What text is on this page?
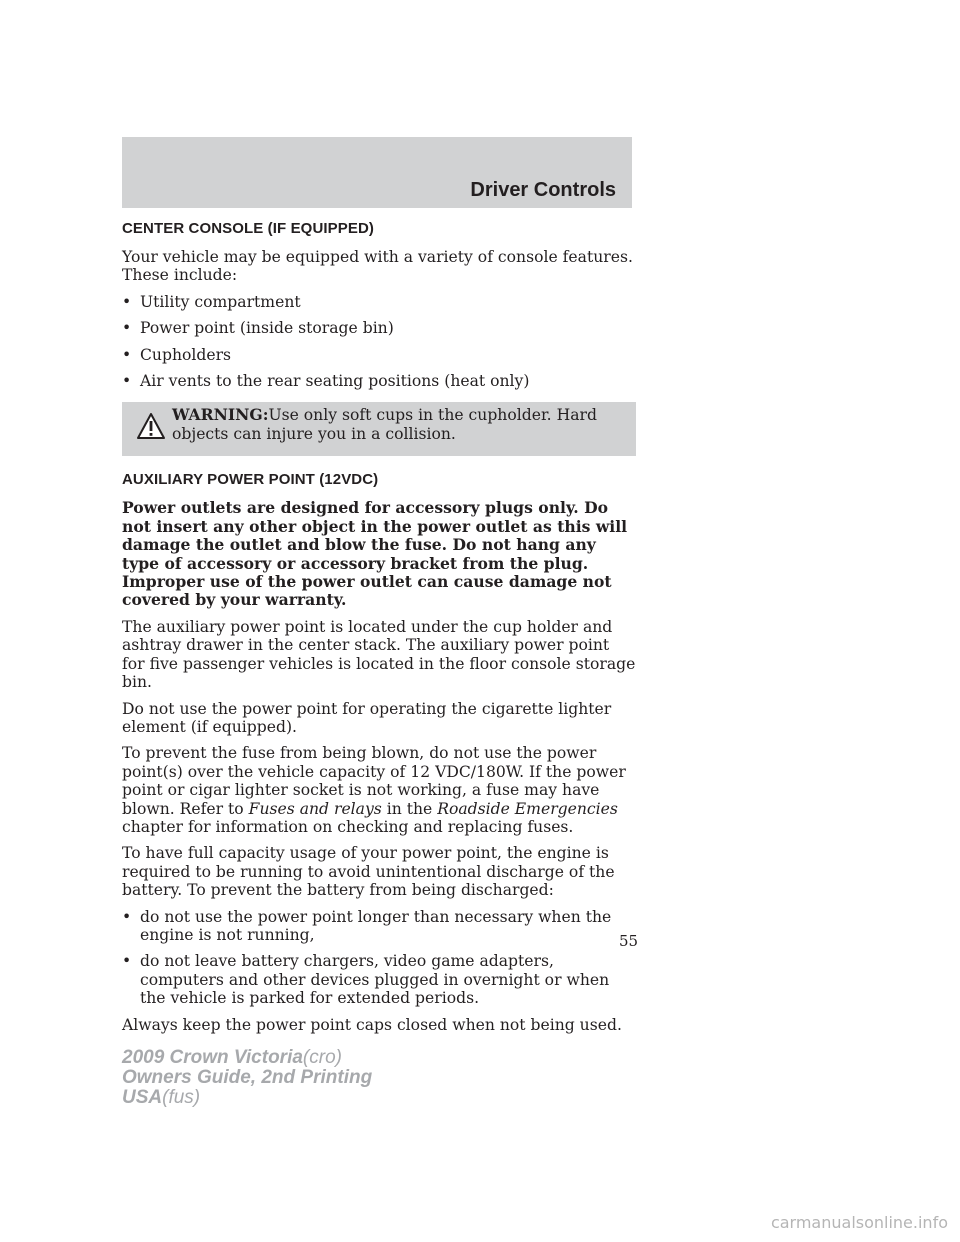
Driver Controls
CENTER CONSOLE (IF EQUIPPED)

Your vehicle may be equipped with a variety of console features. These include:

• Utility compartment
• Power point (inside storage bin)
• Cupholders
• Air vents to the rear seating positions (heat only)
WARNING:Use only soft cups in the cupholder. Hard objects can injure you in a collision.
AUXILIARY POWER POINT (12VDC)

Power outlets are designed for accessory plugs only. Do not insert any other object in the power outlet as this will damage the outlet and blow the fuse. Do not hang any type of accessory or accessory bracket from the plug. Improper use of the power outlet can cause damage not covered by your warranty.

The auxiliary power point is located under the cup holder and ashtray drawer in the center stack. The auxiliary power point for five passenger vehicles is located in the floor console storage bin.

Do not use the power point for operating the cigarette lighter element (if equipped).

To prevent the fuse from being blown, do not use the power point(s) over the vehicle capacity of 12 VDC/180W. If the power point or cigar lighter socket is not working, a fuse may have blown. Refer to Fuses and relays in the Roadside Emergencies chapter for information on checking and replacing fuses.

To have full capacity usage of your power point, the engine is required to be running to avoid unintentional discharge of the battery. To prevent the battery from being discharged:

• do not use the power point longer than necessary when the engine is not running,
• do not leave battery chargers, video game adapters, computers and other devices plugged in overnight or when the vehicle is parked for extended periods.

Always keep the power point caps closed when not being used.

55
2009 Crown Victoria(cro)
Owners Guide, 2nd Printing
USA(fus)
carmanualsonline.info
